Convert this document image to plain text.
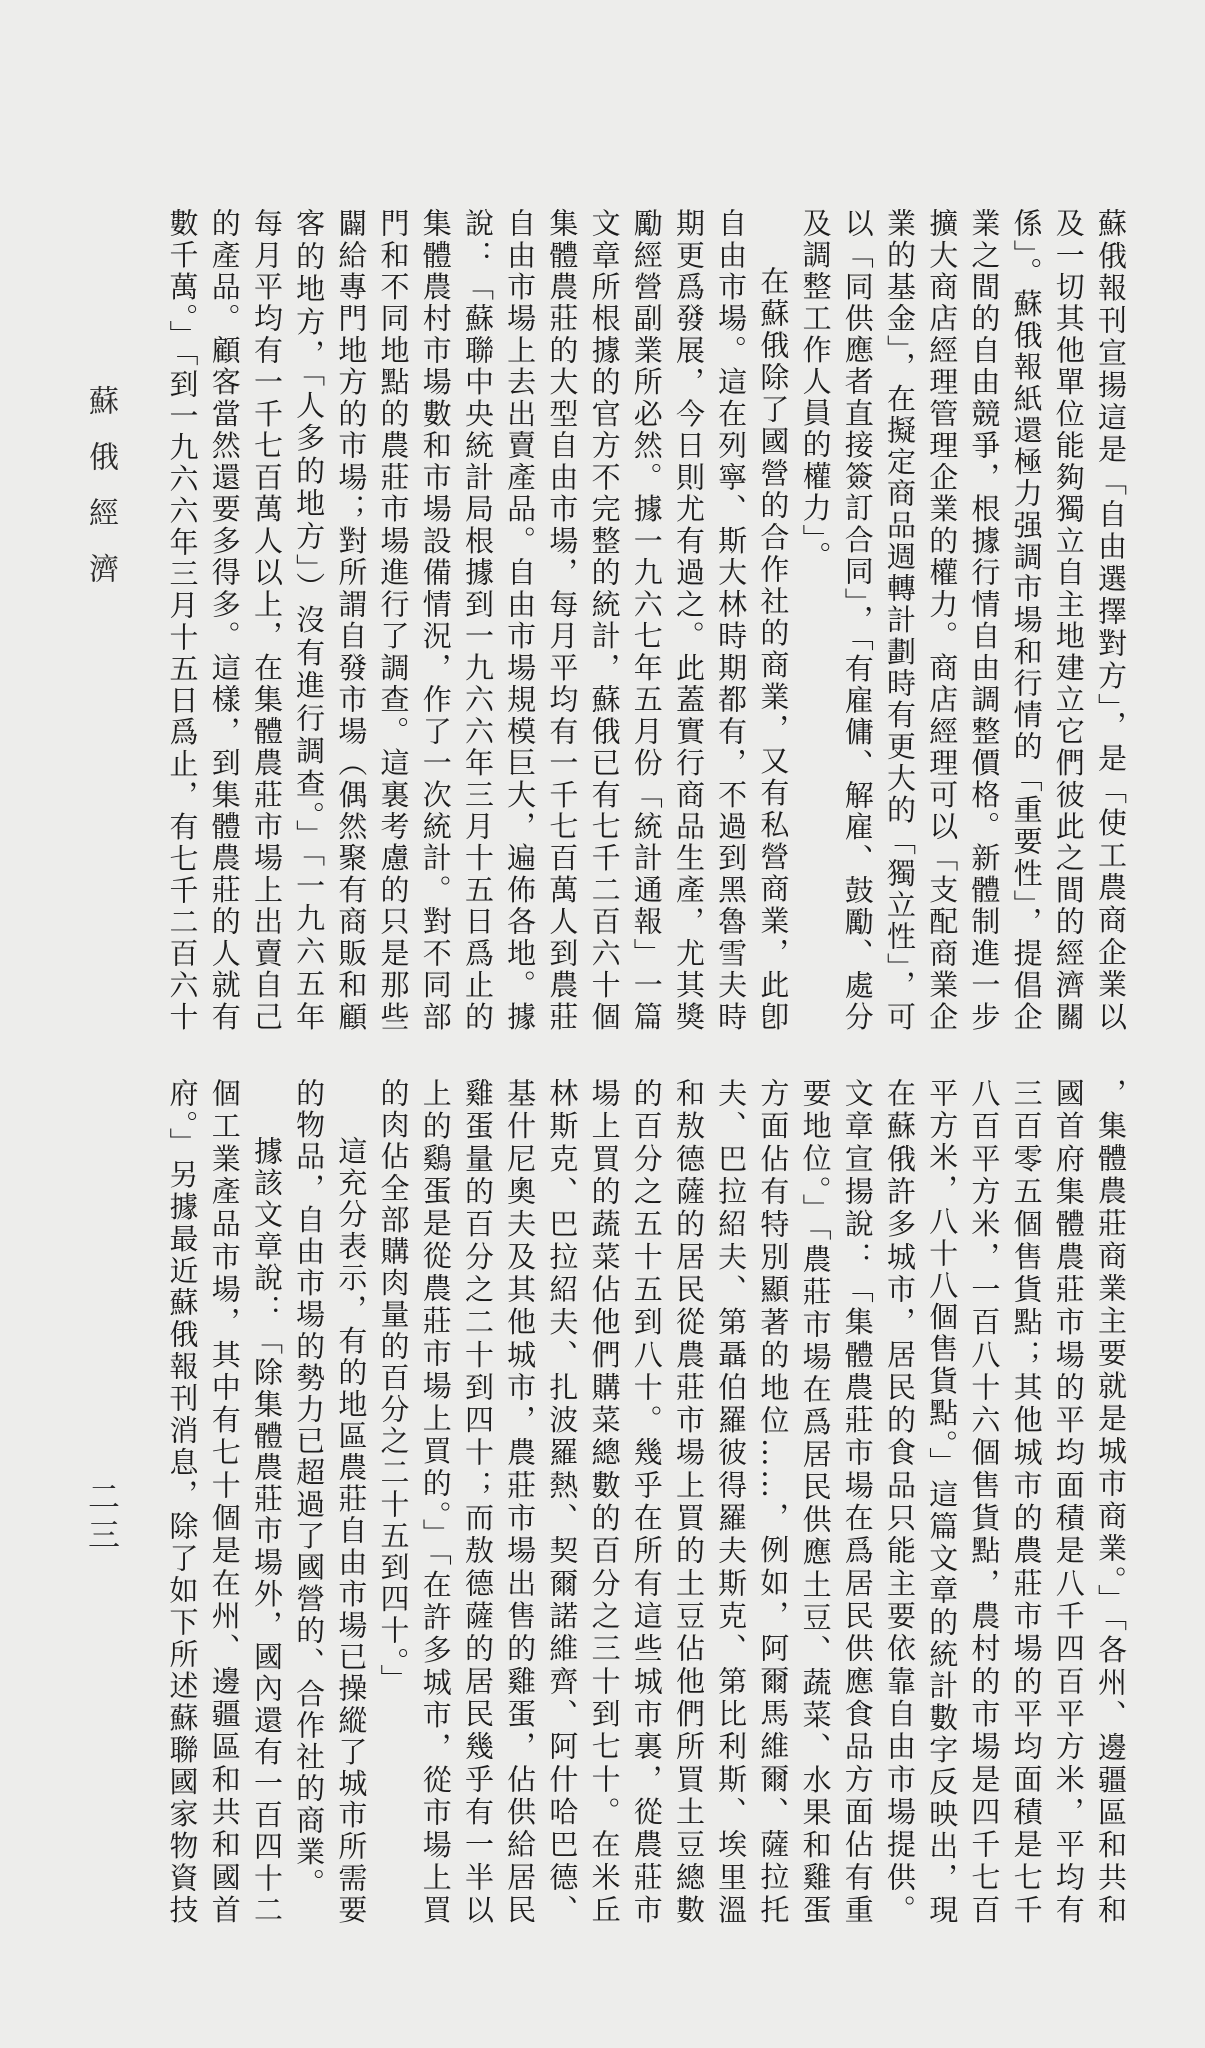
蘇俄經濟
二三

蘇俄報刊宣揚這是「自由選擇對方」，是「使工農商企業以及一切其他單位能夠獨立自主地建立它們彼此之間的經濟關係」。蘇俄報紙還極力强調市場和行情的「重要性」，提倡企業之間的自由競爭，根據行情自由調整價格。新體制進一步擴大商店經理管理企業的權力。商店經理可以「支配商業企業的基金」，在擬定商品週轉計劃時有更大的「獨立性」，可以「同供應者直接簽訂合同」，「有雇傭、解雇、鼓勵、處分及調整工作人員的權力」。

在蘇俄除了國營的合作社的商業，又有私營商業，此卽自由市場。這在列寧、斯大林時期都有，不過到黑魯雪夫時期更爲發展，今日則尤有過之。此蓋實行商品生產，尤其獎勵經營副業所必然。據一九六七年五月份「統計通報」一篇文章所根據的官方不完整的統計，蘇俄已有七千二百六十個集體農莊的大型自由市場，每月平均有一千七百萬人到農莊自由市場上去出賣產品。自由市場規模巨大，遍佈各地。據說：「蘇聯中央統計局根據到一九六六年三月十五日爲止的集體農村市場數和市場設備情況，作了一次統計。對不同部門和不同地點的農莊市場進行了調查。這裏考慮的只是那些闢給專門地方的市場；對所謂自發市場（偶然聚有商販和顧客的地方，「人多的地方」）沒有進行調查。」「一九六五年每月平均有一千七百萬人以上，在集體農莊市場上出賣自己的產品。顧客當然還要多得多。這樣，到集體農莊的人就有數千萬。」「到一九六六年三月十五日爲止，有七千二百六十

，集體農莊商業主要就是城市商業。」「各州、邊疆區和共和國首府集體農莊市場的平均面積是八千四百平方米，平均有三百零五個售貨點；其他城市的農莊市場的平均面積是七千八百平方米，一百八十六個售貨點，農村的市場是四千七百平方米，八十八個售貨點。」這篇文章的統計數字反映出，現在蘇俄許多城市，居民的食品只能主要依靠自由市場提供。文章宣揚說：「集體農莊市場在爲居民供應食品方面佔有重要地位。」「農莊市場在爲居民供應土豆、蔬菜、水果和雞蛋方面佔有特別顯著的地位……，例如，阿爾馬維爾、薩拉托夫、巴拉紹夫、第聶伯羅彼得羅夫斯克、第比利斯、埃里溫和敖德薩的居民從農莊市場上買的土豆佔他們所買土豆總數的百分之五十五到八十。幾乎在所有這些城市裏，從農莊市場上買的蔬菜佔他們購菜總數的百分之三十到七十。在米丘林斯克、巴拉紹夫、扎波羅熱、契爾諾維齊、阿什哈巴德、基什尼奧夫及其他城市，農莊市場出售的雞蛋，佔供給居民雞蛋量的百分之二十到四十；而敖德薩的居民幾乎有一半以上的鷄蛋是從農莊市場上買的。」「在許多城市，從市場上買的肉佔全部購肉量的百分之二十五到四十。」

這充分表示，有的地區農莊自由市場已操縱了城市所需要的物品，自由市場的勢力已超過了國營的、合作社的商業。

據該文章說：「除集體農莊市場外，國內還有一百四十二個工業產品市場，其中有七十個是在州、邊疆區和共和國首府。」另據最近蘇俄報刊消息，除了如下所述蘇聯國家物資技
